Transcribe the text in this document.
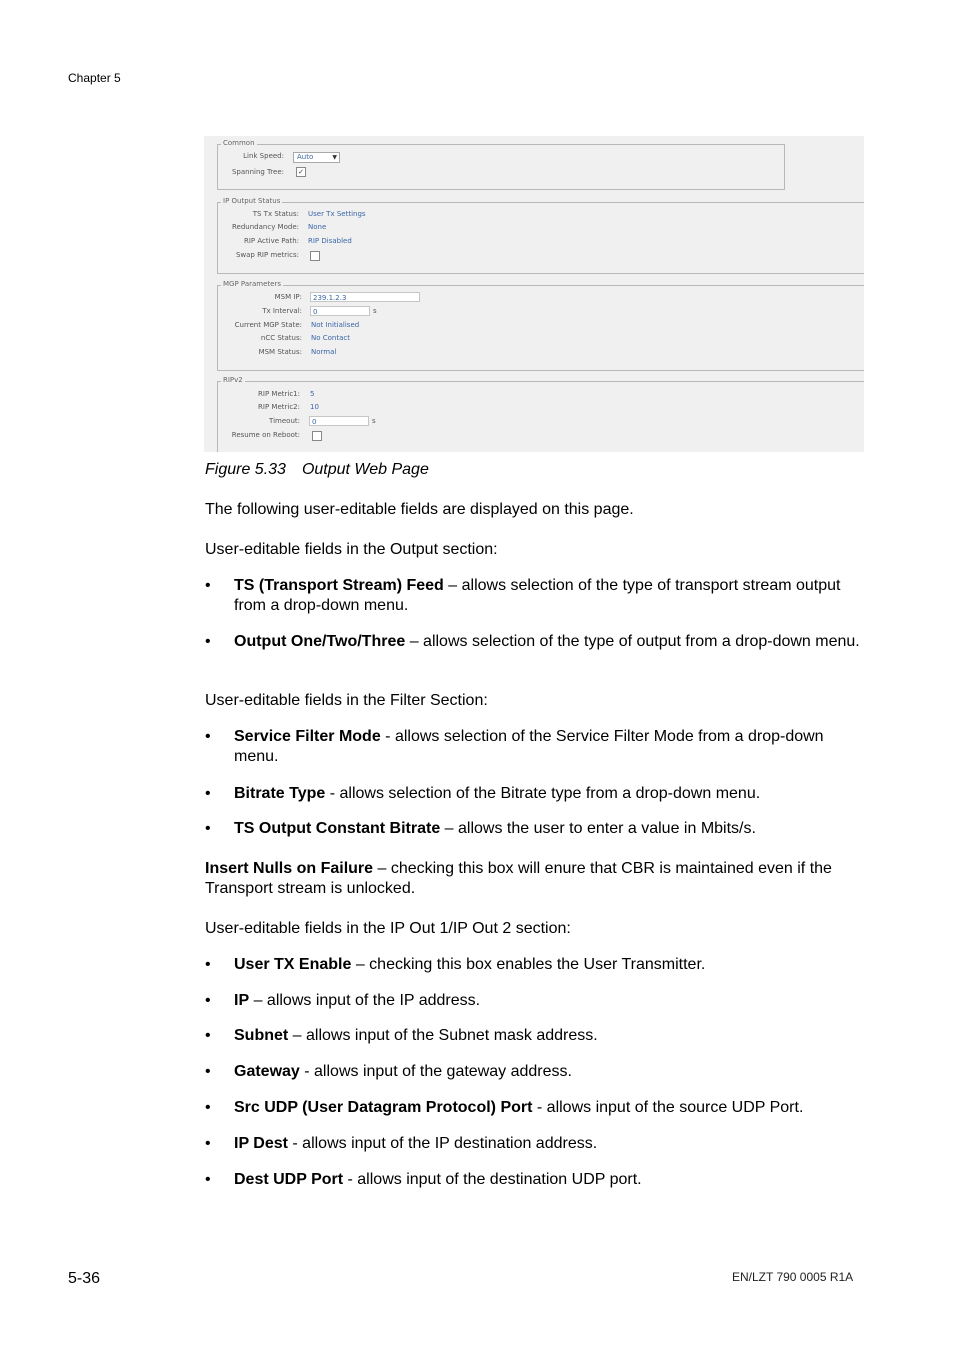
Chapter 5
Common
Link Speed:	Auto	▼
Spanning Tree: ✓
IP Output Status
TS Tx Status: User Tx Settings
Redundancy Mode: None
RIP Active Path: RIP Disabled
Swap RIP metrics:
MGP Parameters
MSM IP:	239.1.2.3
Tx Interval:	0	s
Current MGP State: Not Initialised
nCC Status: No Contact
MSM Status: Normal
RIPv2
RIP Metric1: 5
RIP Metric2: 10
Timeout:	0	s
Resume on Reboot:
Figure 5.33 Output Web Page
The following user-editable fields are displayed on this page.
User-editable fields in the Output section:
• TS (Transport Stream) Feed – allows selection of the type of transport stream output from a drop-down menu.
• Output One/Two/Three – allows selection of the type of output from a drop-down menu.
User-editable fields in the Filter Section:
• Service Filter Mode - allows selection of the Service Filter Mode from a drop-down menu.
• Bitrate Type - allows selection of the Bitrate type from a drop-down menu.
• TS Output Constant Bitrate – allows the user to enter a value in Mbits/s.
Insert Nulls on Failure – checking this box will enure that CBR is maintained even if the Transport stream is unlocked.
User-editable fields in the IP Out 1/IP Out 2 section:
• User TX Enable – checking this box enables the User Transmitter.
• IP – allows input of the IP address.
• Subnet – allows input of the Subnet mask address.
• Gateway - allows input of the gateway address.
• Src UDP (User Datagram Protocol) Port - allows input of the source UDP Port.
• IP Dest - allows input of the IP destination address.
• Dest UDP Port - allows input of the destination UDP port.
5-36	EN/LZT 790 0005 R1A
